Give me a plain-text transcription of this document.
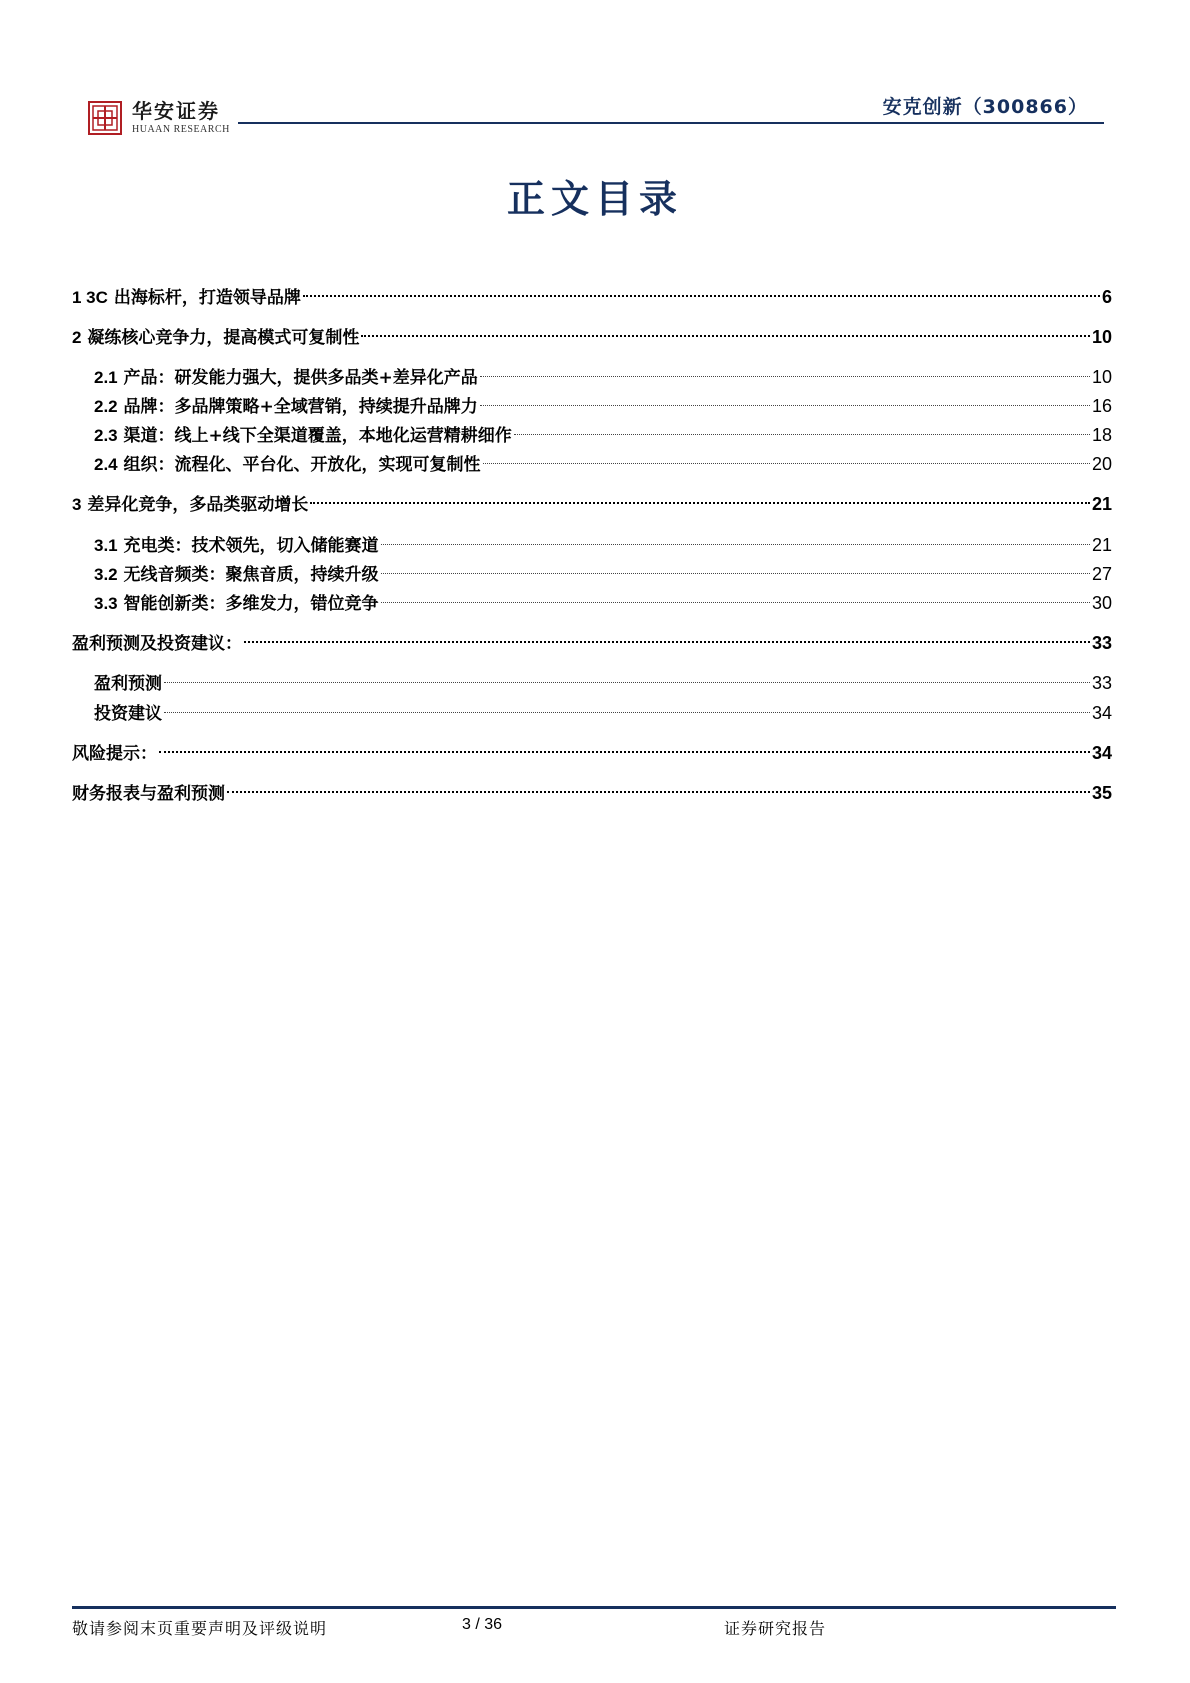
华安证券
HUAAN RESEARCH
安克创新（300866）
正文目录
1 3C 出海标杆，打造领导品牌	6
2 凝练核心竞争力，提高模式可复制性	10
2.1 产品：研发能力强大，提供多品类+差异化产品	10
2.2 品牌：多品牌策略+全域营销，持续提升品牌力	16
2.3 渠道：线上+线下全渠道覆盖，本地化运营精耕细作	18
2.4 组织：流程化、平台化、开放化，实现可复制性	20
3 差异化竞争，多品类驱动增长	21
3.1 充电类：技术领先，切入储能赛道	21
3.2 无线音频类：聚焦音质，持续升级	27
3.3 智能创新类：多维发力，错位竞争	30
盈利预测及投资建议：	33
盈利预测	33
投资建议	34
风险提示：	34
财务报表与盈利预测	35
敬请参阅末页重要声明及评级说明	3 / 36	证券研究报告
